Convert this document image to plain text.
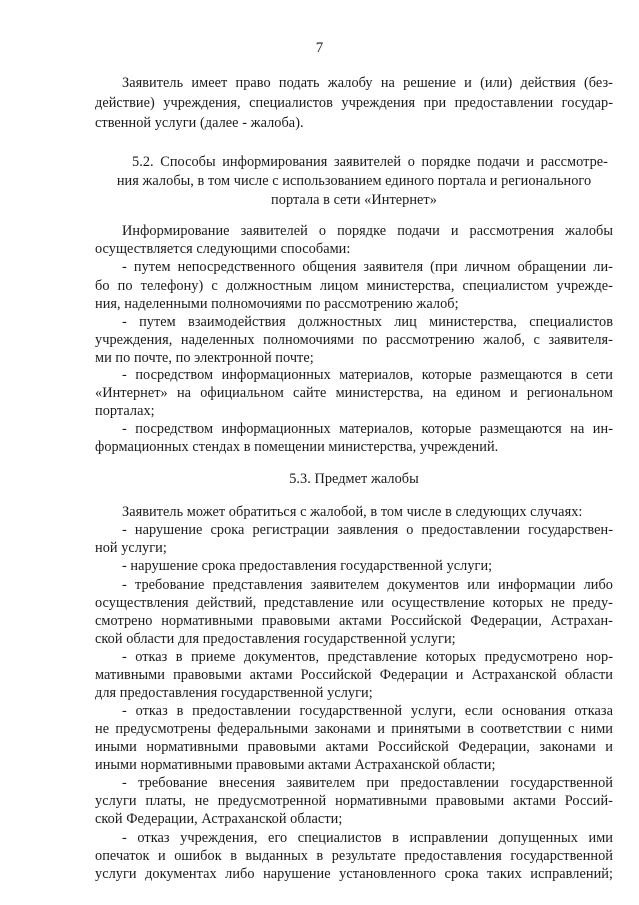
7
Заявитель имеет право подать жалобу на решение и (или) действия (без-
действие) учреждения, специалистов учреждения при предоставлении государ-
ственной услуги (далее - жалоба).
5.2. Способы информирования заявителей о порядке подачи и рассмотре-
ния жалобы, в том числе с использованием единого портала и регионального
портала в сети «Интернет»
Информирование заявителей о порядке подачи и рассмотрения жалобы
осуществляется следующими способами:
- путем непосредственного общения заявителя (при личном обращении ли-
бо по телефону) с должностным лицом министерства, специалистом учрежде-
ния, наделенными полномочиями по рассмотрению жалоб;
- путем взаимодействия должностных лиц министерства, специалистов
учреждения, наделенных полномочиями по рассмотрению жалоб, с заявителя-
ми по почте, по электронной почте;
- посредством информационных материалов, которые размещаются в сети
«Интернет» на официальном сайте министерства, на едином и региональном
порталах;
- посредством информационных материалов, которые размещаются на ин-
формационных стендах в помещении министерства, учреждений.
5.3. Предмет жалобы
Заявитель может обратиться с жалобой, в том числе в следующих случаях:
- нарушение срока регистрации заявления о предоставлении государствен-
ной услуги;
- нарушение срока предоставления государственной услуги;
- требование представления заявителем документов или информации либо
осуществления действий, представление или осуществление которых не преду-
смотрено нормативными правовыми актами Российской Федерации, Астрахан-
ской области для предоставления государственной услуги;
- отказ в приеме документов, представление которых предусмотрено нор-
мативными правовыми актами Российской Федерации и Астраханской области
для предоставления государственной услуги;
- отказ в предоставлении государственной услуги, если основания отказа
не предусмотрены федеральными законами и принятыми в соответствии с ними
иными нормативными правовыми актами Российской Федерации, законами и
иными нормативными правовыми актами Астраханской области;
- требование внесения заявителем при предоставлении государственной
услуги платы, не предусмотренной нормативными правовыми актами Россий-
ской Федерации, Астраханской области;
- отказ учреждения, его специалистов в исправлении допущенных ими
опечаток и ошибок в выданных в результате предоставления государственной
услуги документах либо нарушение установленного срока таких исправлений;
